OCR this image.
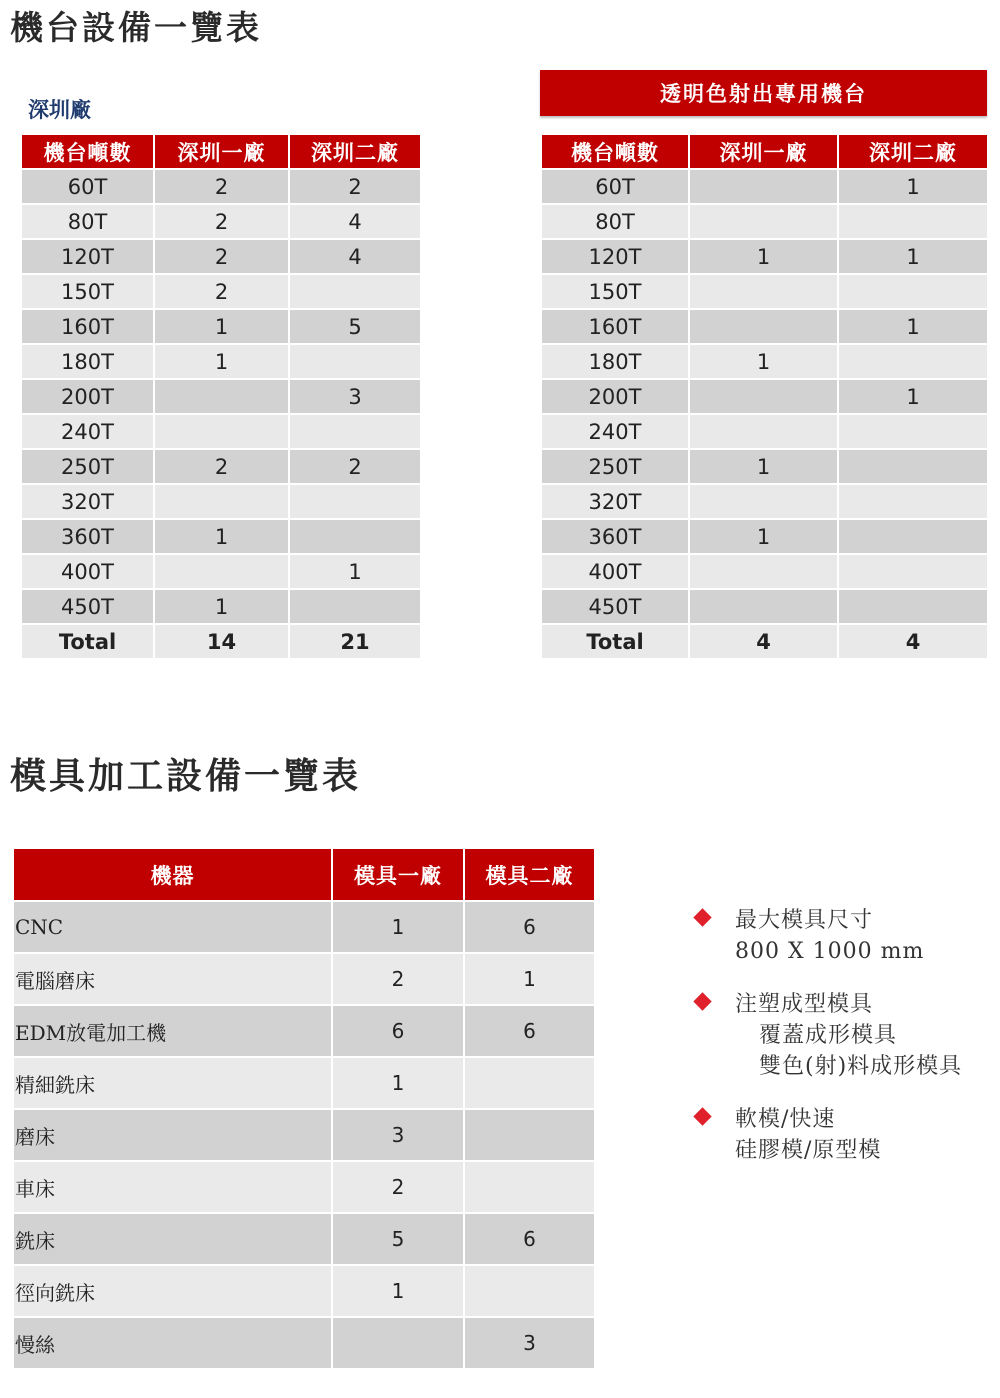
機台設備一覽表
深圳廠
透明色射出專用機台
機台噸數	深圳一廠	深圳二廠
60T	2	2
80T	2	4
120T	2	4
150T	2	
160T	1	5
180T	1	
200T		3
240T		
250T	2	2
320T		
360T	1	
400T		1
450T	1	
Total	14	21
機台噸數	深圳一廠	深圳二廠
60T		1
80T		
120T	1	1
150T		
160T		1
180T	1	
200T		1
240T		
250T	1	
320T		
360T	1	
400T		
450T		
Total	4	4
模具加工設備一覽表
機器	模具一廠	模具二廠
CNC	1	6
電腦磨床	2	1
EDM放電加工機	6	6
精細銑床	1	
磨床	3	
車床	2	
銑床	5	6
徑向銑床	1	
慢絲		3
最大模具尺寸
800 X 1000 mm
注塑成型模具
覆蓋成形模具
雙色(射)料成形模具
軟模/快速
硅膠模/原型模
